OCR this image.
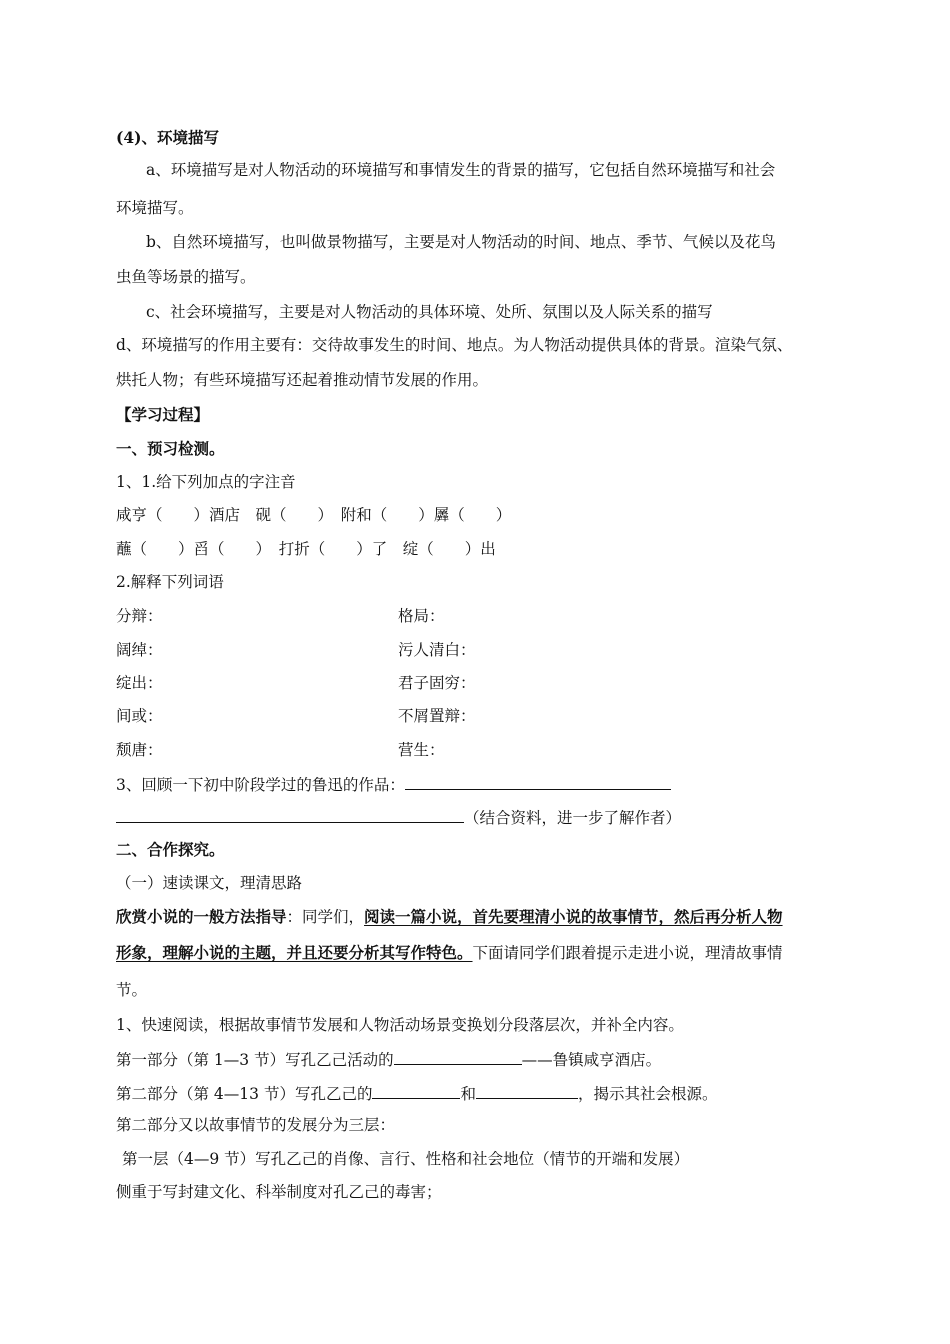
(4)、环境描写
a、环境描写是对人物活动的环境描写和事情发生的背景的描写，它包括自然环境描写和社会
环境描写。
b、自然环境描写，也叫做景物描写，主要是对人物活动的时间、地点、季节、气候以及花鸟
虫鱼等场景的描写。
c、社会环境描写，主要是对人物活动的具体环境、处所、氛围以及人际关系的描写
d、环境描写的作用主要有：交待故事发生的时间、地点。为人物活动提供具体的背景。渲染气氛、
烘托人物；有些环境描写还起着推动情节发展的作用。
【学习过程】
一、预习检测。
1、1.给下列加点的字注音
咸亨（　　）酒店　砚（　　）　附和（　　）羼（　　）
蘸（　　）舀（　　）　打折（　　）了　绽（　　）出
2.解释下列词语
分辩：	格局：
阔绰：	污人清白：
绽出：	君子固穷：
间或：	不屑置辩：
颓唐：	营生：
3、回顾一下初中阶段学过的鲁迅的作品：
（结合资料，进一步了解作者）
二、合作探究。
（一）速读课文，理清思路
欣赏小说的一般方法指导：同学们，阅读一篇小说，首先要理清小说的故事情节，然后再分析人物
形象，理解小说的主题，并且还要分析其写作特色。下面请同学们跟着提示走进小说，理清故事情
节。
1、快速阅读，根据故事情节发展和人物活动场景变换划分段落层次，并补全内容。
第一部分（第 1—3 节）写孔乙己活动的	——鲁镇咸亨酒店。
第二部分（第 4—13 节）写孔乙己的	和	，揭示其社会根源。
第二部分又以故事情节的发展分为三层：
第一层（4—9 节）写孔乙己的肖像、言行、性格和社会地位（情节的开端和发展）
侧重于写封建文化、科举制度对孔乙己的毒害；
